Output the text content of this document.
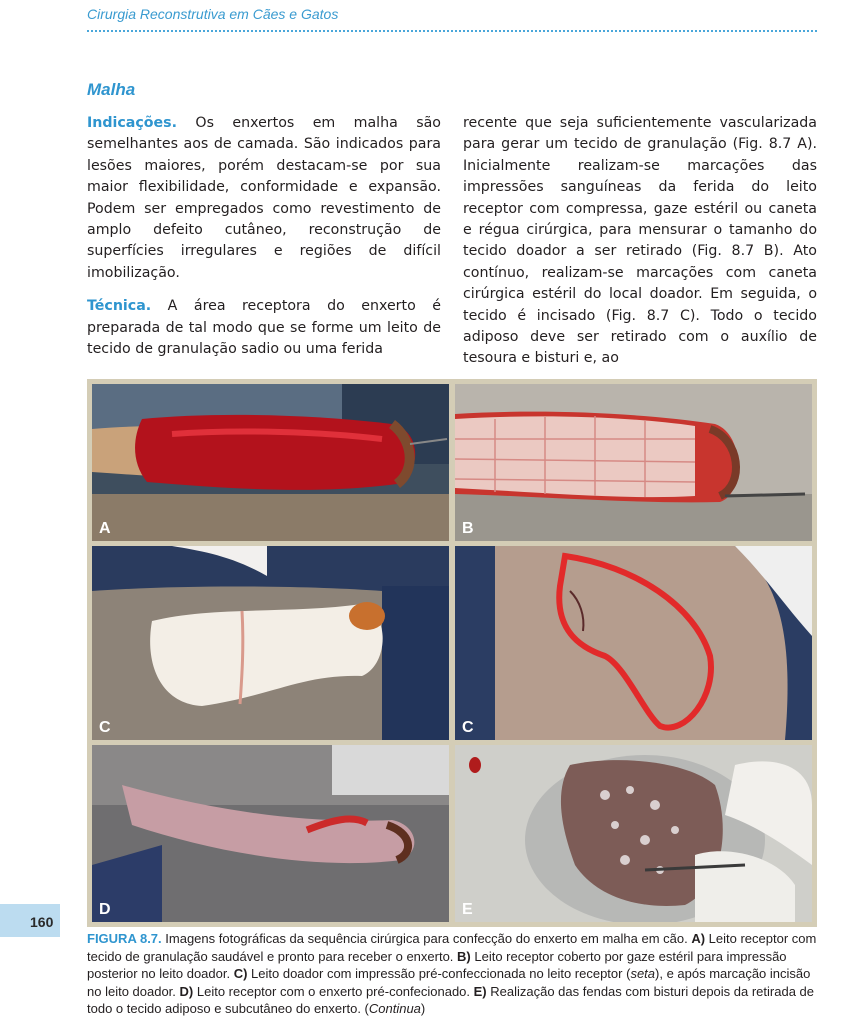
Cirurgia Reconstrutiva em Cães e Gatos
Malha

Indicações. Os enxertos em malha são semelhantes aos de camada. São indicados para lesões maiores, porém destacam-se por sua maior flexibilidade, conformidade e expansão. Podem ser empregados como revestimento de amplo defeito cutâneo, reconstrução de superfícies irregulares e regiões de difícil imobilização.

Técnica. A área receptora do enxerto é preparada de tal modo que se forme um leito de tecido de granulação sadio ou uma ferida

recente que seja suficientemente vascularizada para gerar um tecido de granulação (Fig. 8.7 A). Inicialmente realizam-se marcações das impressões sanguíneas da ferida do leito receptor com compressa, gaze estéril ou caneta e régua cirúrgica, para mensurar o tamanho do tecido doador a ser retirado (Fig. 8.7 B). Ato contínuo, realizam-se marcações com caneta cirúrgica estéril do local doador. Em seguida, o tecido é incisado (Fig. 8.7 C). Todo o tecido adiposo deve ser retirado com o auxílio de tesoura e bisturi e, ao

A	B
C	C
D	E
160
FIGURA 8.7. Imagens fotográficas da sequência cirúrgica para confecção do enxerto em malha em cão. A) Leito receptor com tecido de granulação saudável e pronto para receber o enxerto. B) Leito receptor coberto por gaze estéril para impressão posterior no leito doador. C) Leito doador com impressão pré-confeccionada no leito receptor (seta), e após marcação incisão no leito doador. D) Leito receptor com o enxerto pré-confecionado. E) Realização das fendas com bisturi depois da retirada de todo o tecido adiposo e subcutâneo do enxerto. (Continua)
